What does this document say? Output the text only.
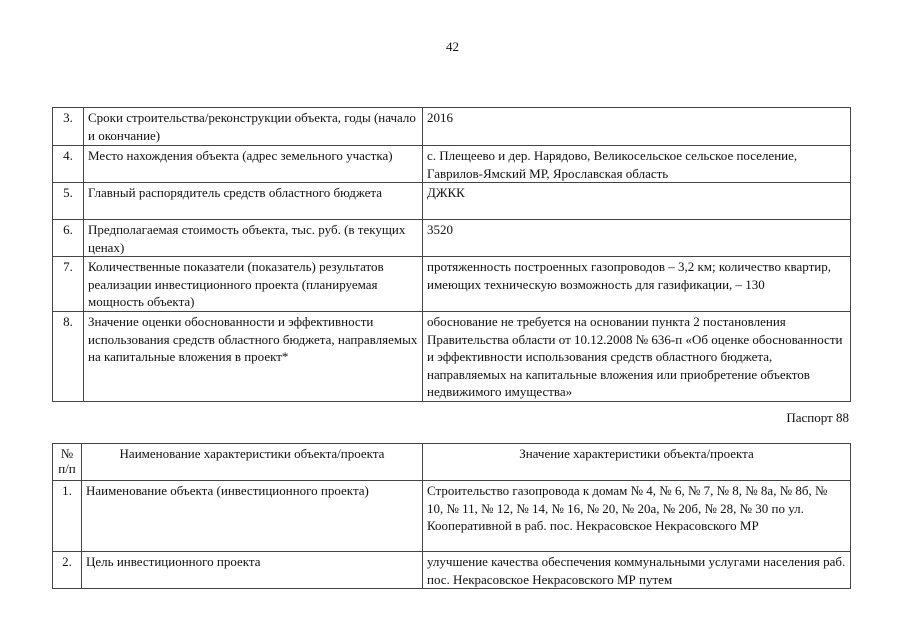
42
3.	Сроки строительства/реконструкции объекта, годы (начало и окончание)	2016
4.	Место нахождения объекта (адрес земельного участка)	с. Плещеево и дер. Нарядово, Великосельское сельское поселение, Гаврилов-Ямский МР, Ярославская область
5.	Главный распорядитель средств областного бюджета	ДЖКК
6.	Предполагаемая стоимость объекта, тыс. руб. (в текущих ценах)	3520
7.	Количественные показатели (показатель) результатов реализации инвестиционного проекта (планируемая мощность объекта)	протяженность построенных газопроводов – 3,2 км; количество квартир, имеющих техническую возможность для газификации, – 130
8.	Значение оценки обоснованности и эффективности использования средств областного бюджета, направляемых на капитальные вложения в проект*	обоснование не требуется на основании пункта 2 постановления Правительства области от 10.12.2008 № 636-п «Об оценке обоснованности и эффективности использования средств областного бюджета, направляемых на капитальные вложения или приобретение объектов недвижимого имущества»
Паспорт 88
№
п/п	Наименование характеристики объекта/проекта	Значение характеристики объекта/проекта
1.	Наименование объекта (инвестиционного проекта)	Строительство газопровода к домам № 4, № 6, № 7, № 8, № 8а, № 8б, № 10, № 11, № 12, № 14, № 16, № 20, № 20а, № 20б, № 28, № 30 по ул. Кооперативной в раб. пос. Некрасовское Некрасовского МР
2.	Цель инвестиционного проекта	улучшение качества обеспечения коммунальными услугами населения раб. пос. Некрасовское Некрасовского МР путем
